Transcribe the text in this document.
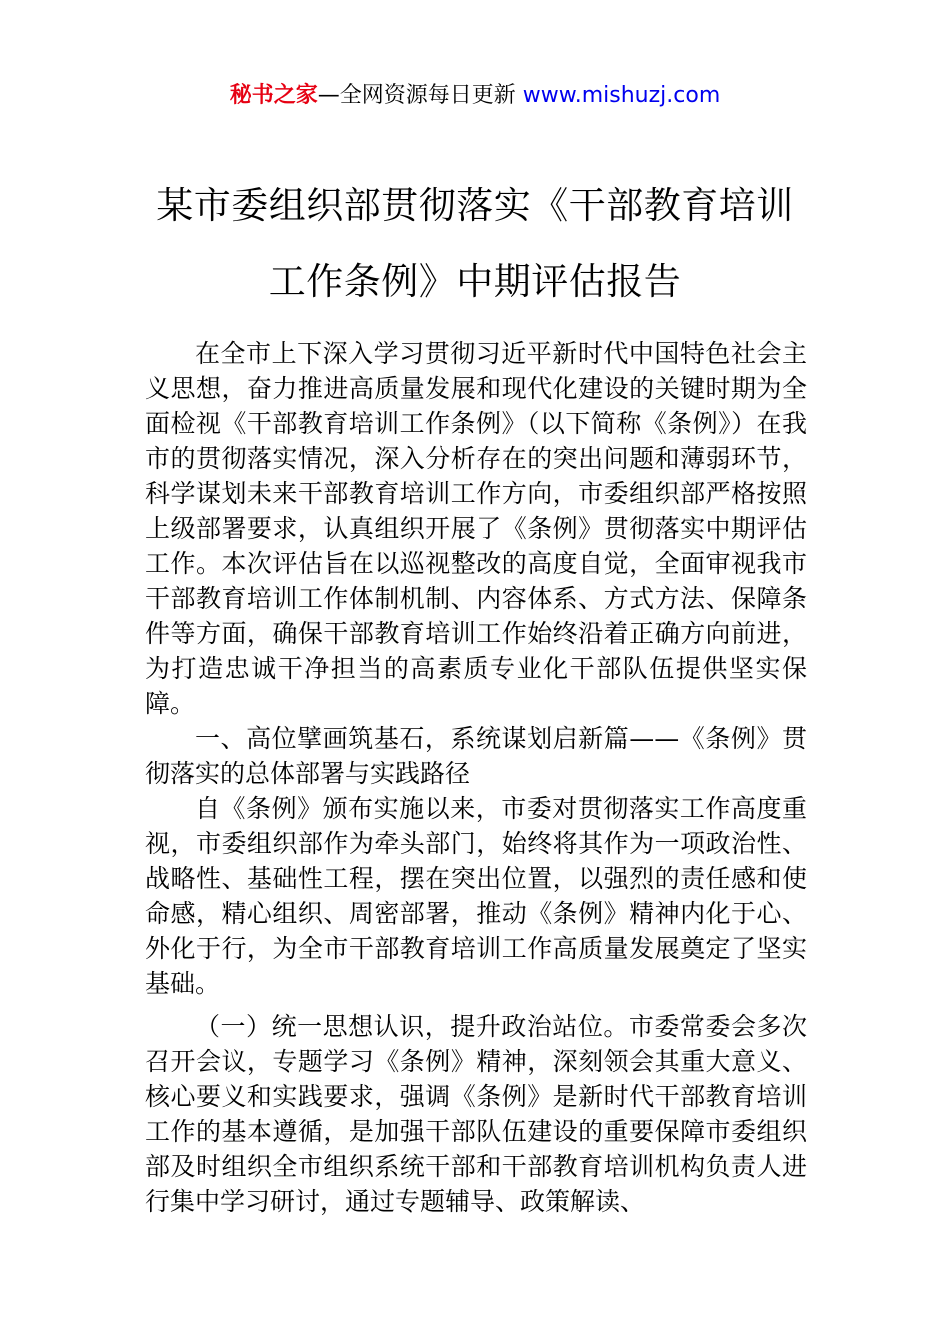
秘书之家—全网资源每日更新 www.mishuzj.com
某市委组织部贯彻落实《干部教育培训工作条例》中期评估报告

在全市上下深入学习贯彻习近平新时代中国特色社会主义思想，奋力推进高质量发展和现代化建设的关键时期为全面检视《干部教育培训工作条例》（以下简称《条例》）在我市的贯彻落实情况，深入分析存在的突出问题和薄弱环节，科学谋划未来干部教育培训工作方向，市委组织部严格按照上级部署要求，认真组织开展了《条例》贯彻落实中期评估工作。本次评估旨在以巡视整改的高度自觉，全面审视我市干部教育培训工作体制机制、内容体系、方式方法、保障条件等方面，确保干部教育培训工作始终沿着正确方向前进，为打造忠诚干净担当的高素质专业化干部队伍提供坚实保障。

一、高位擘画筑基石，系统谋划启新篇——《条例》贯彻落实的总体部署与实践路径

自《条例》颁布实施以来，市委对贯彻落实工作高度重视，市委组织部作为牵头部门，始终将其作为一项政治性、战略性、基础性工程，摆在突出位置，以强烈的责任感和使命感，精心组织、周密部署，推动《条例》精神内化于心、外化于行，为全市干部教育培训工作高质量发展奠定了坚实基础。

（一）统一思想认识，提升政治站位。市委常委会多次召开会议，专题学习《条例》精神，深刻领会其重大意义、核心要义和实践要求，强调《条例》是新时代干部教育培训工作的基本遵循，是加强干部队伍建设的重要保障市委组织部及时组织全市组织系统干部和干部教育培训机构负责人进行集中学习研讨，通过专题辅导、政策解读、
